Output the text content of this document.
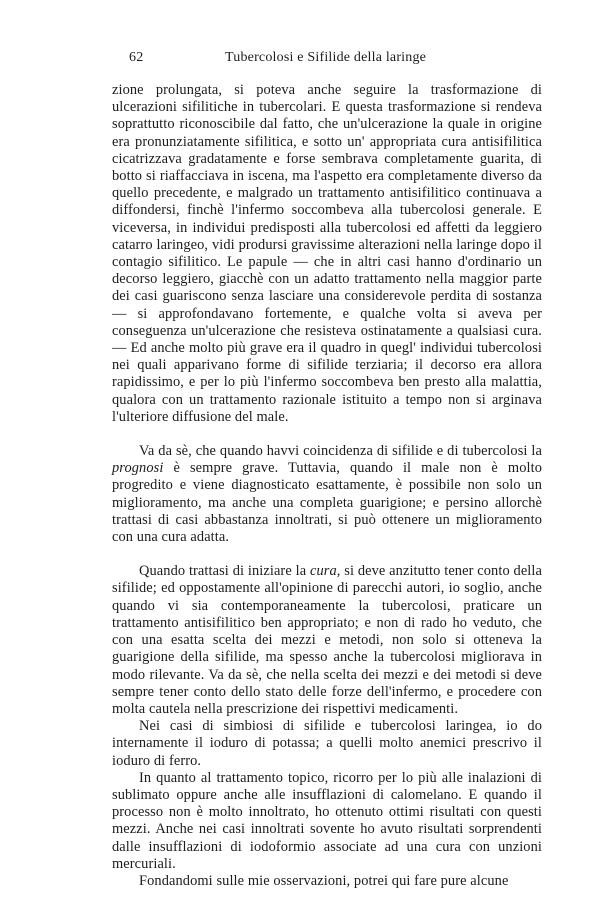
62	Tubercolosi e Sifilide della laringe

zione prolungata, si poteva anche seguire la trasformazione di ulcerazioni sifilitiche in tubercolari. E questa trasformazione si rendeva soprattutto riconoscibile dal fatto, che un'ulcerazione la quale in origine era pronunziatamente sifilitica, e sotto un' appropriata cura antisifilitica cicatrizzava gradatamente e forse sembrava completamente guarita, di botto si riaffacciava in iscena, ma l'aspetto era completamente diverso da quello precedente, e malgrado un trattamento antisifilitico continuava a diffondersi, finchè l'infermo soccombeva alla tubercolosi generale. E viceversa, in individui predisposti alla tubercolosi ed affetti da leggiero catarro laringeo, vidi prodursi gravissime alterazioni nella laringe dopo il contagio sifilitico. Le papule — che in altri casi hanno d'ordinario un decorso leggiero, giacchè con un adatto trattamento nella maggior parte dei casi guariscono senza lasciare una considerevole perdita di sostanza — si approfondavano fortemente, e qualche volta si aveva per conseguenza un'ulcerazione che resisteva ostinatamente a qualsiasi cura. — Ed anche molto più grave era il quadro in quegl' individui tubercolosi nei quali apparivano forme di sifilide terziaria; il decorso era allora rapidissimo, e per lo più l'infermo soccombeva ben presto alla malattia, qualora con un trattamento razionale istituito a tempo non si arginava l'ulteriore diffusione del male.

Va da sè, che quando havvi coincidenza di sifilide e di tubercolosi la prognosi è sempre grave. Tuttavia, quando il male non è molto progredito e viene diagnosticato esattamente, è possibile non solo un miglioramento, ma anche una completa guarigione; e persino allorchè trattasi di casi abbastanza innoltrati, si può ottenere un miglioramento con una cura adatta.

Quando trattasi di iniziare la cura, si deve anzitutto tener conto della sifilide; ed oppostamente all'opinione di parecchi autori, io soglio, anche quando vi sia contemporaneamente la tubercolosi, praticare un trattamento antisifilitico ben appropriato; e non di rado ho veduto, che con una esatta scelta dei mezzi e metodi, non solo si otteneva la guarigione della sifilide, ma spesso anche la tubercolosi migliorava in modo rilevante. Va da sè, che nella scelta dei mezzi e dei metodi si deve sempre tener conto dello stato delle forze dell'infermo, e procedere con molta cautela nella prescrizione dei rispettivi medicamenti.

Nei casi di simbiosi di sifilide e tubercolosi laringea, io do internamente il ioduro di potassa; a quelli molto anemici prescrivo il ioduro di ferro.

In quanto al trattamento topico, ricorro per lo più alle inalazioni di sublimato oppure anche alle insufflazioni di calomelano. E quando il processo non è molto innoltrato, ho ottenuto ottimi risultati con questi mezzi. Anche nei casi innoltrati sovente ho avuto risultati sorprendenti dalle insufflazioni di iodoformio associate ad una cura con unzioni mercuriali.

Fondandomi sulle mie osservazioni, potrei qui fare pure alcune
